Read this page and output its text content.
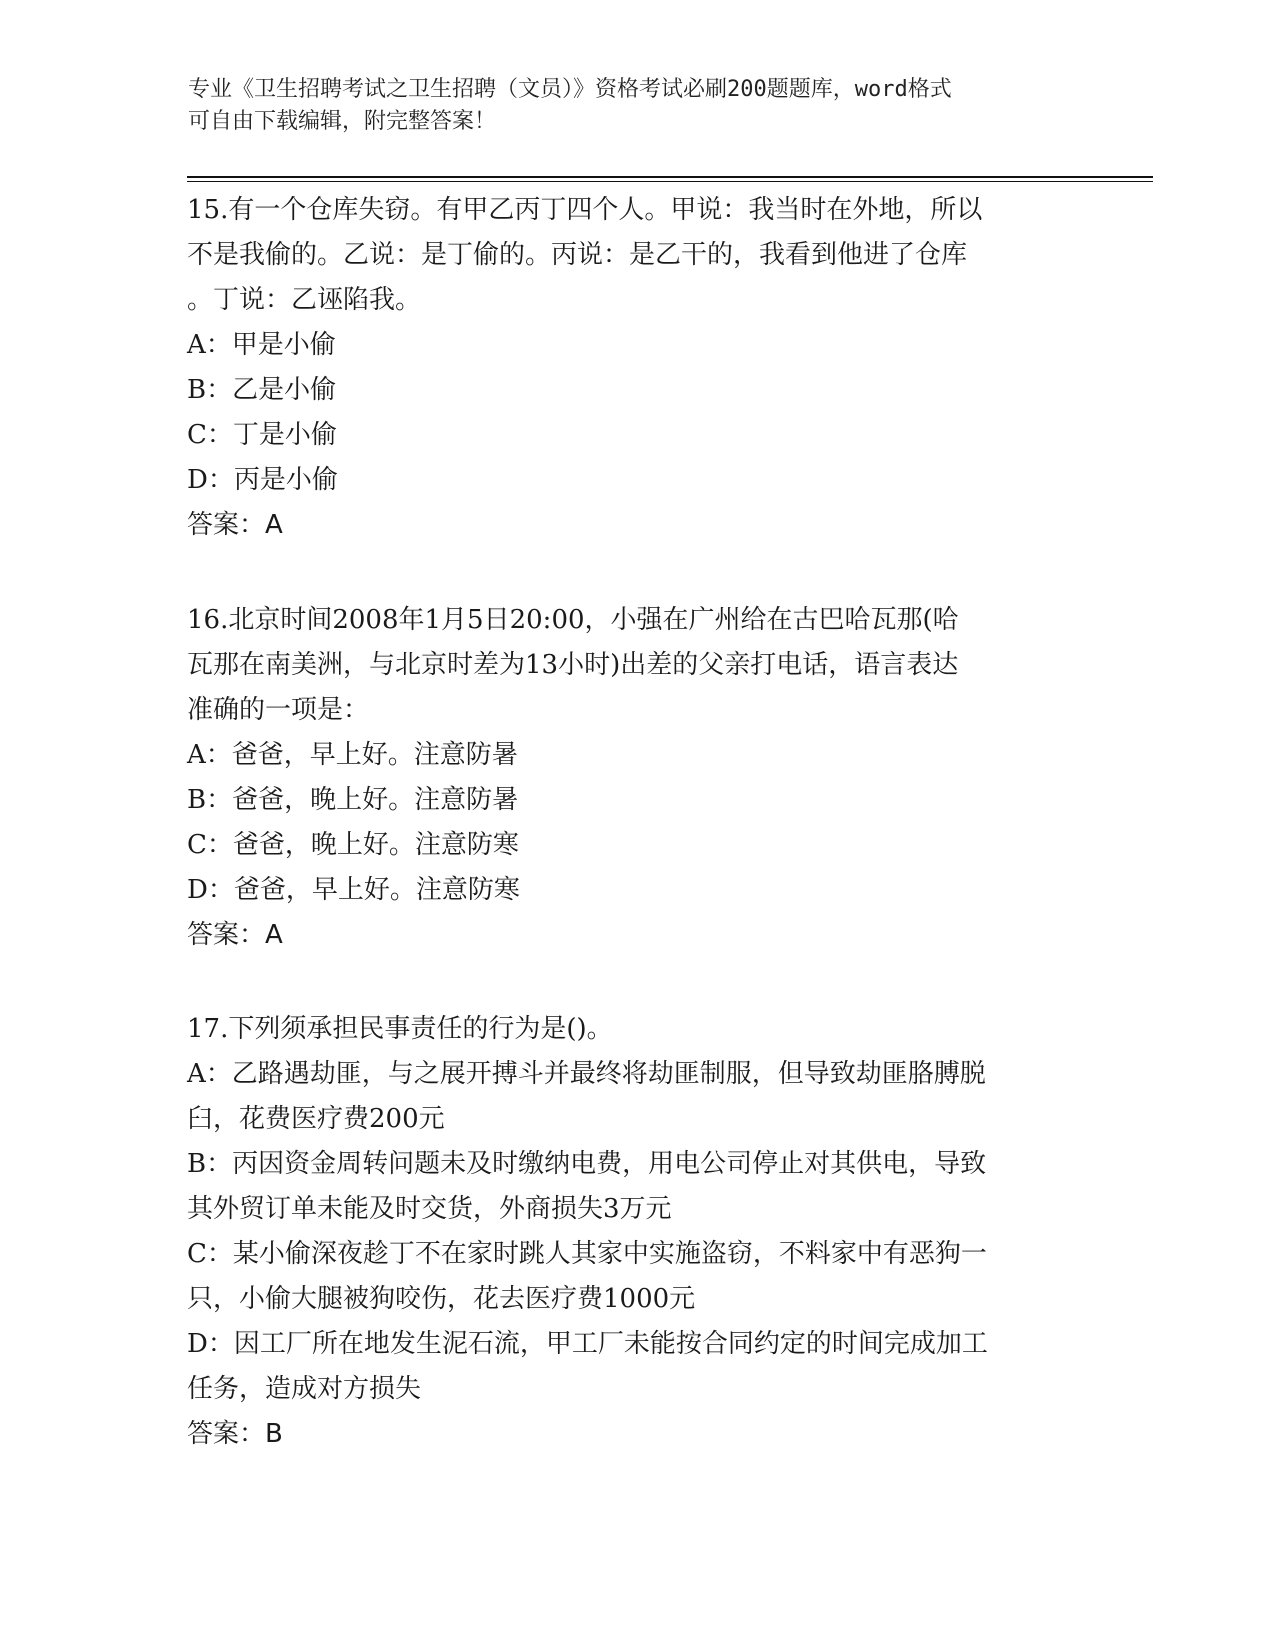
专业《卫生招聘考试之卫生招聘（文员）》资格考试必刷200题题库，word格式
可自由下载编辑，附完整答案！
15.有一个仓库失窃。有甲乙丙丁四个人。甲说：我当时在外地，所以
不是我偷的。乙说：是丁偷的。丙说：是乙干的，我看到他进了仓库
。丁说：乙诬陷我。
A：甲是小偷
B：乙是小偷
C：丁是小偷
D：丙是小偷
答案：A
16.北京时间2008年1月5日20:00，小强在广州给在古巴哈瓦那(哈
瓦那在南美洲，与北京时差为13小时)出差的父亲打电话，语言表达
准确的一项是：
A：爸爸，早上好。注意防暑
B：爸爸，晚上好。注意防暑
C：爸爸，晚上好。注意防寒
D：爸爸，早上好。注意防寒
答案：A
17.下列须承担民事责任的行为是()。
A：乙路遇劫匪，与之展开搏斗并最终将劫匪制服，但导致劫匪胳膊脱
臼，花费医疗费200元
B：丙因资金周转问题未及时缴纳电费，用电公司停止对其供电，导致
其外贸订单未能及时交货，外商损失3万元
C：某小偷深夜趁丁不在家时跳人其家中实施盗窃，不料家中有恶狗一
只，小偷大腿被狗咬伤，花去医疗费1000元
D：因工厂所在地发生泥石流，甲工厂未能按合同约定的时间完成加工
任务，造成对方损失
答案：B
